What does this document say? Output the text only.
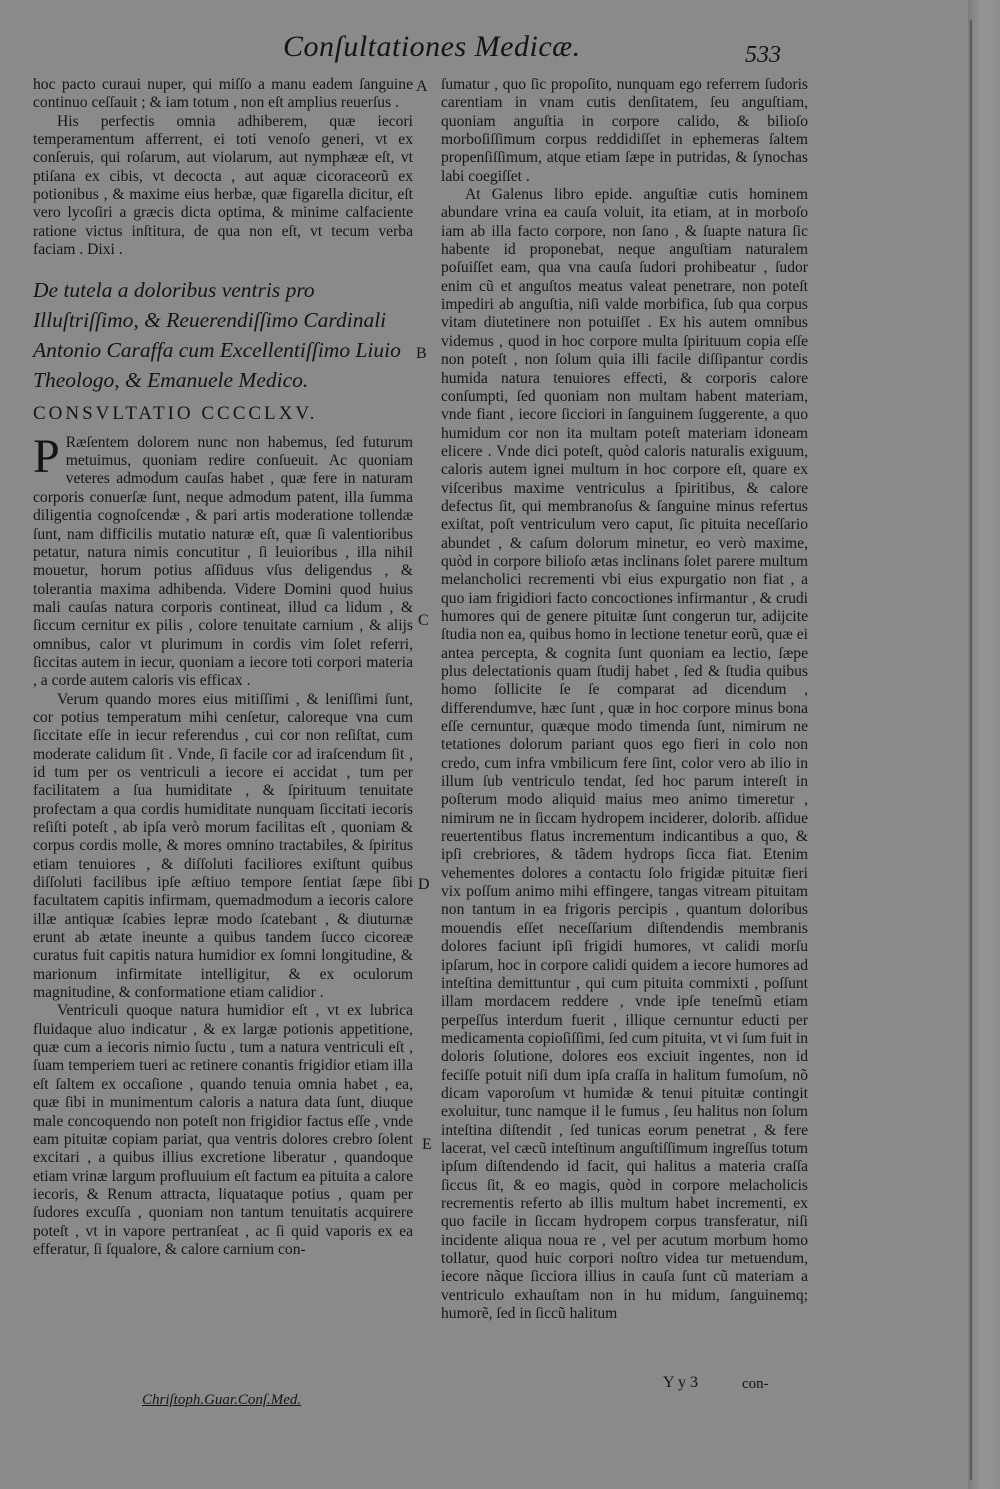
Conſultationes Medicæ.	533

hoc pacto curaui nuper, qui miſſo a manu eadem ſanguine continuo ceſſauit ; & iam totum , non eſt amplius reuerſus .

His perfectis omnia adhiberem, quæ iecori temperamentum afferrent, ei toti venoſo generi, vt ex conſeruis, qui roſarum, aut violarum, aut nymphææ eſt, vt ptiſana ex cibis, vt decocta , aut aquæ cicoraceorũ ex potionibus , & maxime eius herbæ, quæ figarella dicitur, eſt vero lycoſiri a græcis dicta optima, & minime calfaciente ratione victus inſtitura, de qua non eſt, vt tecum verba faciam . Dixi .

De tutela a doloribus ventris pro Illuſtriſſimo, & Reuerendiſſimo Cardinali Antonio Caraffa cum Excellentiſſimo Liuio Theologo, & Emanuele Medico.
CONSVLTATIO CCCCLXV.

P Ræſentem dolorem nunc non habemus, ſed futurum metuimus, quoniam redire conſueuit. Ac quoniam veteres admodum cauſas habet , quæ fere in naturam corporis conuerſæ ſunt, neque admodum patent, illa ſumma diligentia cognoſcendæ , & pari artis moderatione tollendæ ſunt, nam difficilis mutatio naturæ eſt, quæ ſi valentioribus petatur, natura nimis concutitur , ſi leuioribus , illa nihil mouetur, horum potius aſſiduus vſus deligendus , & tolerantia maxima adhibenda. Videre Domini quod huius mali cauſas natura corporis contineat, illud ca lidum , & ſiccum cernitur ex pilis , colore tenuitate carnium , & alijs omnibus, calor vt plurimum in cordis vim ſolet referri, ſiccitas autem in iecur, quoniam a iecore toti corpori materia , a corde autem caloris vis efficax .

Verum quando mores eius mitiſſimi , & leniſſimi ſunt, cor potius temperatum mihi cenſetur, caloreque vna cum ſiccitate eſſe in iecur referendus , cui cor non reſiſtat, cum moderate calidum ſit . Vnde, ſi facile cor ad iraſcendum ſit , id tum per os ventriculi a iecore ei accidat , tum per facilitatem a ſua humiditate , & ſpirituum tenuitate profectam a qua cordis humiditate nunquam ſiccitati iecoris reſiſti poteſt , ab ipſa verò morum facilitas eſt , quoniam & corpus cordis molle, & mores omnino tractabiles, & ſpiritus etiam tenuiores , & diſſoluti faciliores exiſtunt quibus diſſoluti facilibus ipſe æſtiuo tempore ſentiat ſæpe ſibi facultatem capitis infirmam, quemadmodum a iecoris calore illæ antiquæ ſcabies lepræ modo ſcatebant , & diuturnæ erunt ab ætate ineunte a quibus tandem ſucco cicoreæ curatus fuit capitis natura humidior ex ſomni longitudine, & marionum infirmitate intelligitur, & ex oculorum magnitudine, & conformatione etiam calidior .

Ventriculi quoque natura humidior eſt , vt ex lubrica fluidaque aluo indicatur , & ex largæ potionis appetitione, quæ cum a iecoris nimio ſuctu , tum a natura ventriculi eſt , ſuam temperiem tueri ac retinere conantis frigidior etiam illa eſt ſaltem ex occaſione , quando tenuia omnia habet , ea, quæ ſibi in munimentum caloris a natura data ſunt, diuque male concoquendo non poteſt non frigidior factus eſſe , vnde eam pituitæ copiam pariat, qua ventris dolores crebro ſolent excitari , a quibus illius excretione liberatur , quandoque etiam vrinæ largum profluuium eſt factum ea pituita a calore iecoris, & Renum attracta, liquataque potius , quam per ſudores excuſſa , quoniam non tantum tenuitatis acquirere poteſt , vt in vapore pertranſeat , ac ſi quid vaporis ex ea efferatur, ſi ſqualore, & calore carnium con-

A
B
C
D
E

ſumatur , quo ſic propoſito, nunquam ego referrem ſudoris carentiam in vnam cutis denſitatem, ſeu anguſtiam, quoniam anguſtia in corpore calido, & bilioſo morboſiſſimum corpus reddidiſſet in ephemeras ſaltem propenſiſſimum, atque etiam ſæpe in putridas, & ſynochas labi coegiſſet .

At Galenus libro epide. anguſtiæ cutis hominem abundare vrina ea cauſa voluit, ita etiam, at in morboſo iam ab illa facto corpore, non ſano , & ſuapte natura ſic habente id proponebat, neque anguſtiam naturalem poſuiſſet eam, qua vna cauſa ſudori prohibeatur , ſudor enim cũ et anguſtos meatus valeat penetrare, non poteſt impediri ab anguſtia, niſi valde morbifica, ſub qua corpus vitam diutetinere non potuiſſet . Ex his autem omnibus videmus , quod in hoc corpore multa ſpirituum copia eſſe non poteſt , non ſolum quia illi facile diſſipantur cordis humida natura tenuiores effecti, & corporis calore conſumpti, ſed quoniam non multam habent materiam, vnde fiant , iecore ſicciori in ſanguinem ſuggerente, a quo humidum cor non ita multam poteſt materiam idoneam elicere . Vnde dici poteſt, quòd caloris naturalis exiguum, caloris autem ignei multum in hoc corpore eſt, quare ex viſceribus maxime ventriculus a ſpiritibus, & calore defectus ſit, qui membranoſus & ſanguine minus refertus exiſtat, poſt ventriculum vero caput, ſic pituita neceſſario abundet , & caſum dolorum minetur, eo verò maxime, quòd in corpore bilioſo ætas inclinans ſolet parere multum melancholici recrementi vbi eius expurgatio non fiat , a quo iam frigidiori facto concoctiones infirmantur , & crudi humores qui de genere pituitæ ſunt congerun tur, adijcite ſtudia non ea, quibus homo in lectione tenetur eorũ, quæ ei antea percepta, & cognita ſunt quoniam ea lectio, ſæpe plus delectationis quam ſtudij habet , ſed & ſtudia quibus homo ſollicite ſe ſe comparat ad dicendum , differendumve, hæc ſunt , quæ in hoc corpore minus bona eſſe cernuntur, quæque modo timenda ſunt, nimirum ne tetationes dolorum pariant quos ego fieri in colo non credo, cum infra vmbilicum fere ſint, color vero ab ilio in illum ſub ventriculo tendat, ſed hoc parum intereſt in poſterum modo aliquid maius meo animo timeretur , nimirum ne in ſiccam hydropem inciderer, dolorib. aſſidue reuertentibus flatus incrementum indicantibus a quo, & ipſi crebriores, & tãdem hydrops ſicca fiat. Etenim vehementes dolores a contactu ſolo frigidæ pituitæ fieri vix poſſum animo mihi effingere, tangas vitream pituitam non tantum in ea frigoris percipis , quantum doloribus mouendis eſſet neceſſarium diſtendendis membranis dolores faciunt ipſi frigidi humores, vt calidi morſu ipſarum, hoc in corpore calidi quidem a iecore humores ad inteſtina demittuntur , qui cum pituita commixti , poſſunt illam mordacem reddere , vnde ipſe teneſmũ etiam perpeſſus interdum fuerit , illique cernuntur educti per medicamenta copioſiſſimi, ſed cum pituita, vt vi ſum fuit in doloris ſolutione, dolores eos exciuit ingentes, non id feciſſe potuit niſi dum ipſa craſſa in halitum fumoſum, nõ dicam vaporoſum vt humidæ & tenui pituitæ contingit exoluitur, tunc namque il le fumus , ſeu halitus non ſolum inteſtina diſtendit , ſed tunicas eorum penetrat , & fere lacerat, vel cæcũ inteſtinum anguſtiſſimum ingreſſus totum ipſum diſtendendo id facit, qui halitus a materia craſſa ſiccus ſit, & eo magis, quòd in corpore melacholicis recrementis referto ab illis multum habet incrementi, ex quo facile in ſiccam hydropem corpus transferatur, niſi incidente aliqua noua re , vel per acutum morbum homo tollatur, quod huic corpori noſtro videa tur metuendum, iecore nãque ſicciora illius in cauſa ſunt cũ materiam a ventriculo exhauſtam non in hu midum, ſanguinemq; humorẽ, ſed in ſiccũ halitum

Chriſtoph.Guar.Conſ.Med.
Y y 3	con-
